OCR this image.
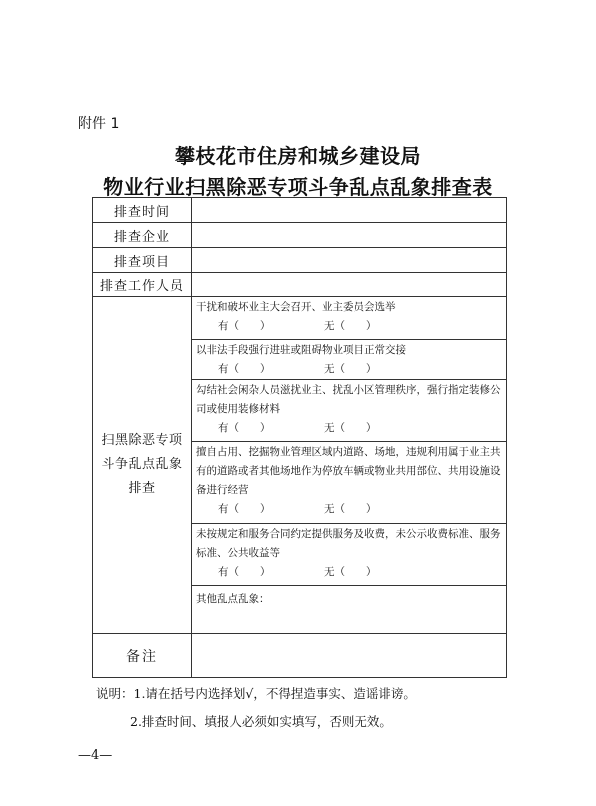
附件 1
攀枝花市住房和城乡建设局
物业行业扫黑除恶专项斗争乱点乱象排查表
排查时间	
排查企业	
排查项目	
排查工作人员	
扫黑除恶专项斗争乱点乱象排查	干扰和破坏业主大会召开、业主委员会选举
有（　　） 无（　　）

	以非法手段强行进驻或阻碍物业项目正常交接
有（　　） 无（　　）

	勾结社会闲杂人员滋扰业主、扰乱小区管理秩序，强行指定装修公司或使用装修材料
有（　　） 无（　　）

	擅自占用、挖掘物业管理区域内道路、场地，违规利用属于业主共有的道路或者其他场地作为停放车辆或物业共用部位、共用设施设备进行经营
有（　　） 无（　　）

	未按规定和服务合同约定提供服务及收费，未公示收费标准、服务标准、公共收益等
有（　　） 无（　　）

	其他乱点乱象：

备注	
说明：1.请在括号内选择划√，不得捏造事实、造谣诽谤。
2.排查时间、填报人必须如实填写，否则无效。
—4—
